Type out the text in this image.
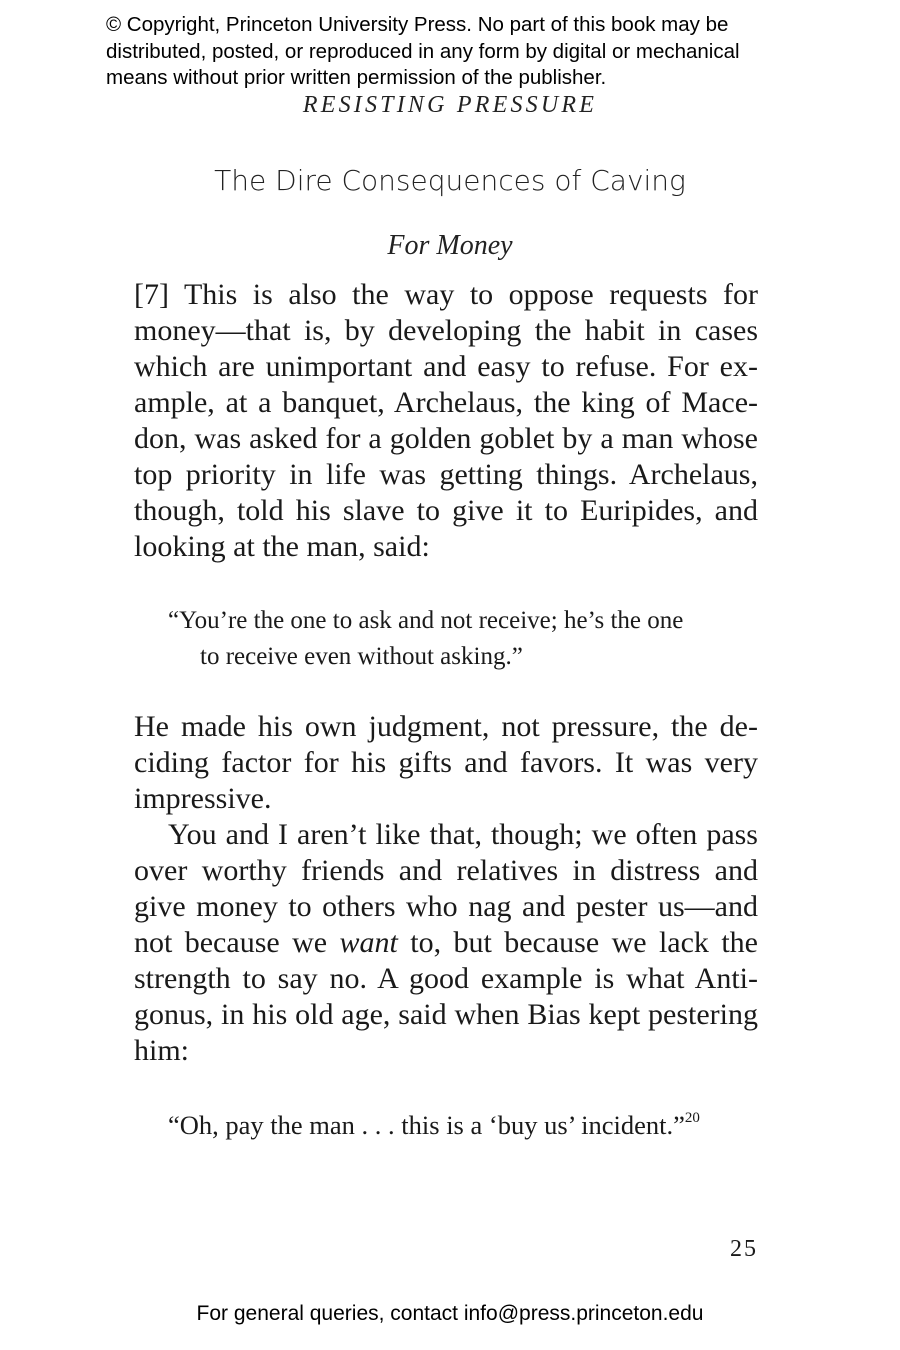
© Copyright, Princeton University Press. No part of this book may be
distributed, posted, or reproduced in any form by digital or mechanical
means without prior written permission of the publisher.
RESISTING PRESSURE
The Dire Consequences of Caving
For Money
[7] This is also the way to oppose requests for
money—that is, by developing the habit in cases
which are unimportant and easy to refuse. For ex-
ample, at a banquet, Archelaus, the king of Mace-
don, was asked for a golden goblet by a man whose
top priority in life was getting things. Archelaus,
though, told his slave to give it to Euripides, and
looking at the man, said:
“You’re the one to ask and not receive; he’s the one
to receive even without asking.”
He made his own judgment, not pressure, the de-
ciding factor for his gifts and favors. It was very
impressive.
You and I aren’t like that, though; we often pass
over worthy friends and relatives in distress and
give money to others who nag and pester us—and
not because we want to, but because we lack the
strength to say no. A good example is what Anti-
gonus, in his old age, said when Bias kept pestering
him:
“Oh, pay the man . . . this is a ‘buy us’ incident.”$^{20}$
25
For general queries, contact info@press.princeton.edu
